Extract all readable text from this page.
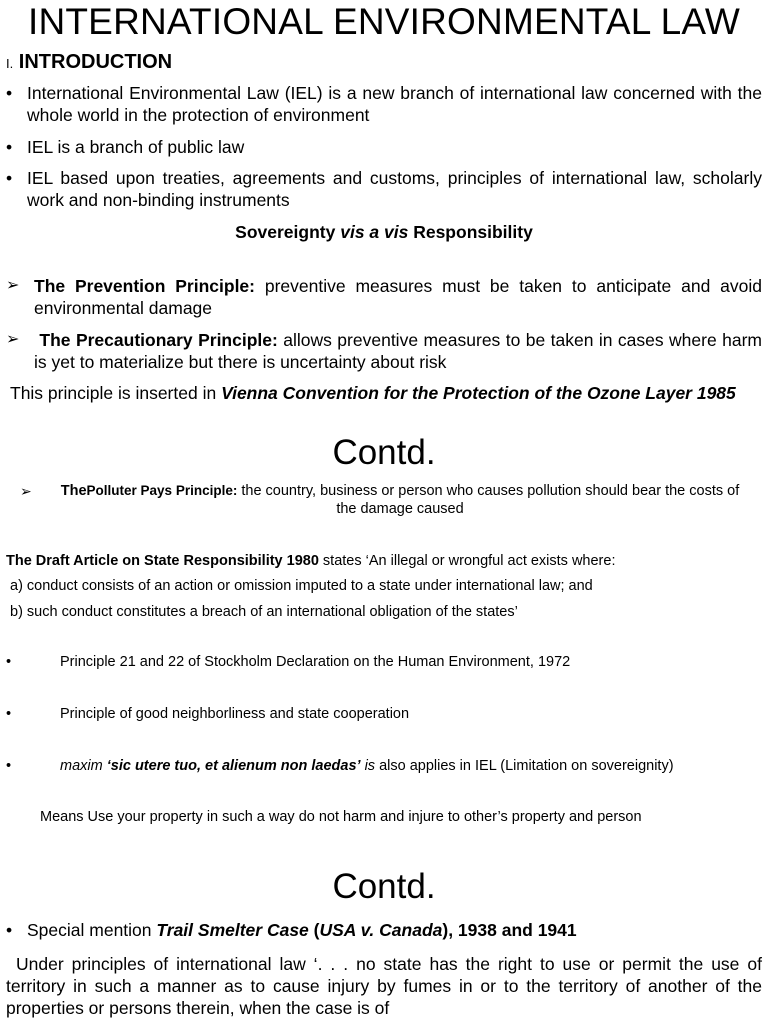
INTERNATIONAL ENVIRONMENTAL LAW
I. INTRODUCTION
• International Environmental Law (IEL) is a new branch of international law concerned with the whole world in the protection of environment
• IEL is a branch of public law
• IEL based upon treaties, agreements and customs, principles of international law, scholarly work and non-binding instruments
Sovereignty vis a vis Responsibility
➢ The Prevention Principle: preventive measures must be taken to anticipate and avoid environmental damage
➢	The Precautionary Principle: allows preventive measures to be taken in cases where harm is yet to materialize but there is uncertainty about risk
This principle is inserted in Vienna Convention for the Protection of the Ozone Layer 1985
Contd.
➢ ThePolluter Pays Principle: the country, business or person who causes pollution should bear the costs of the damage caused
The Draft Article on State Responsibility 1980 states ‘An illegal or wrongful act exists where:
a) conduct consists of an action or omission imputed to a state under international law; and
b) such conduct constitutes a breach of an international obligation of the states’
•	Principle 21 and 22 of Stockholm Declaration on the Human Environment, 1972
•	Principle of good neighborliness and state cooperation
•	maxim ‘sic utere tuo, et alienum non laedas’ is also applies in IEL (Limitation on sovereignity)
Means Use your property in such a way do not harm and injure to other’s property and person
Contd.
• Special mention Trail Smelter Case (USA v. Canada), 1938 and 1941
Under principles of international law ‘. . . no state has the right to use or permit the use of territory in such a manner as to cause injury by fumes in or to the territory of another of the properties or persons therein, when the case is of
